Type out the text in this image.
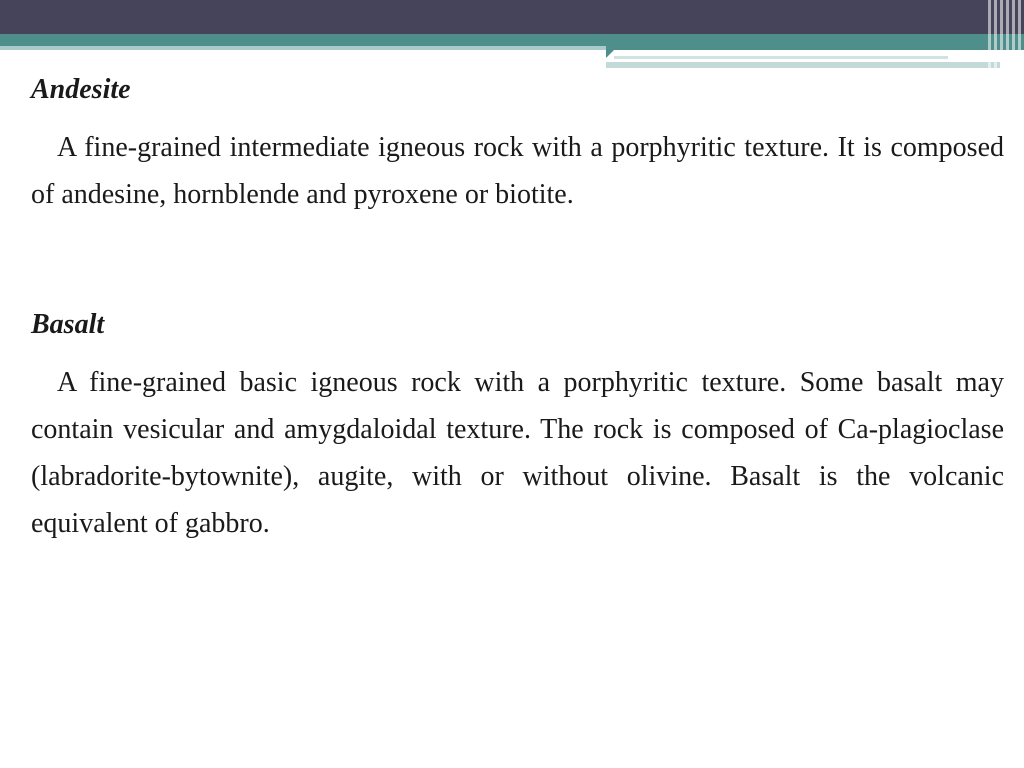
Andesite

A fine-grained intermediate igneous rock with a porphyritic texture. It is composed of andesine, hornblende and pyroxene or biotite.

Basalt

A fine-grained basic igneous rock with a porphyritic texture. Some basalt may contain vesicular and amygdaloidal texture. The rock is composed of Ca-plagioclase (labradorite-bytownite), augite, with or without olivine. Basalt is the volcanic equivalent of gabbro.
